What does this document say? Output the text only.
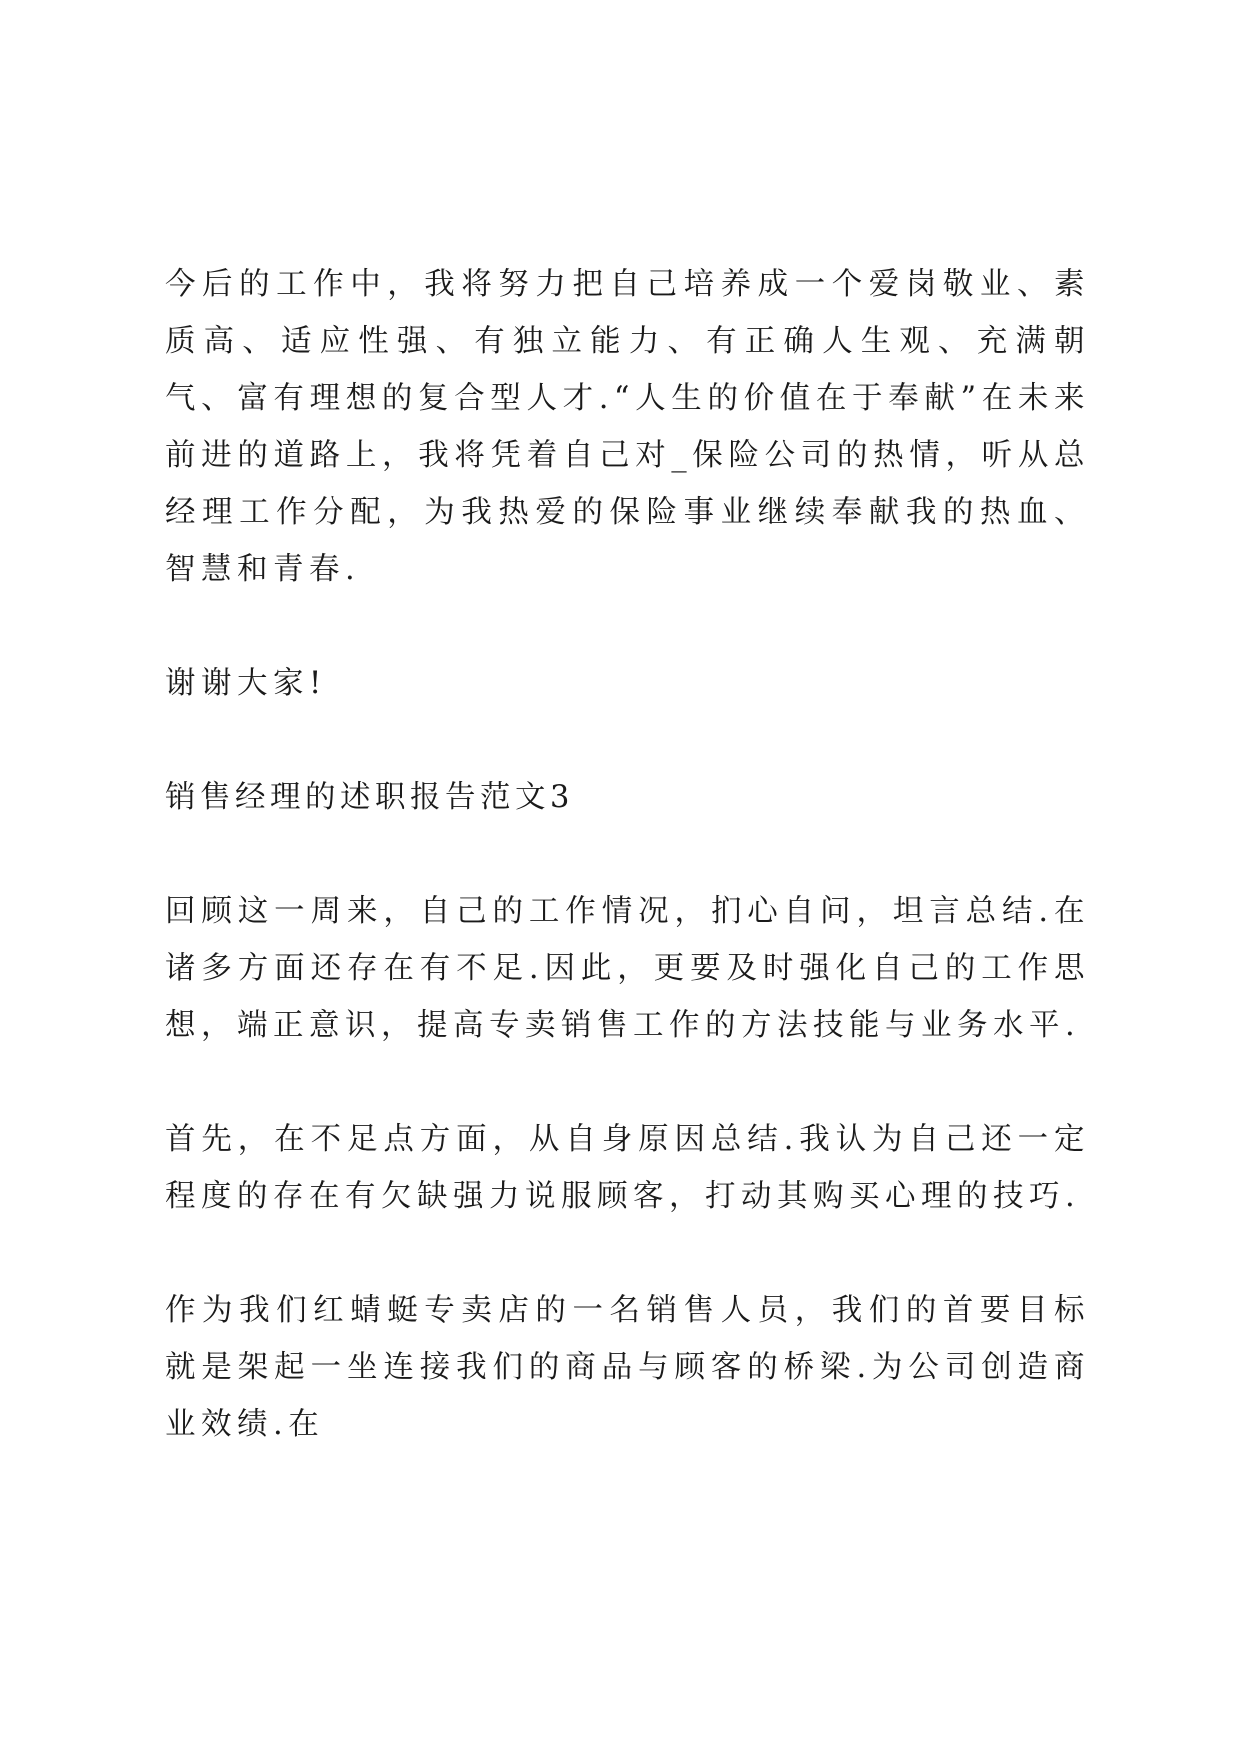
今后的工作中，我将努力把自己培养成一个爱岗敬业、素质高、适应性强、有独立能力、有正确人生观、充满朝气、富有理想的复合型人才.“人生的价值在于奉献”在未来前进的道路上，我将凭着自己对_保险公司的热情，听从总经理工作分配，为我热爱的保险事业继续奉献我的热血、智慧和青春.

谢谢大家!

销售经理的述职报告范文3

回顾这一周来，自己的工作情况，扪心自问，坦言总结.在诸多方面还存在有不足.因此，更要及时强化自己的工作思想，端正意识，提高专卖销售工作的方法技能与业务水平.

首先，在不足点方面，从自身原因总结.我认为自己还一定程度的存在有欠缺强力说服顾客，打动其购买心理的技巧.

作为我们红蜻蜓专卖店的一名销售人员，我们的首要目标就是架起一坐连接我们的商品与顾客的桥梁.为公司创造商业效绩.在
